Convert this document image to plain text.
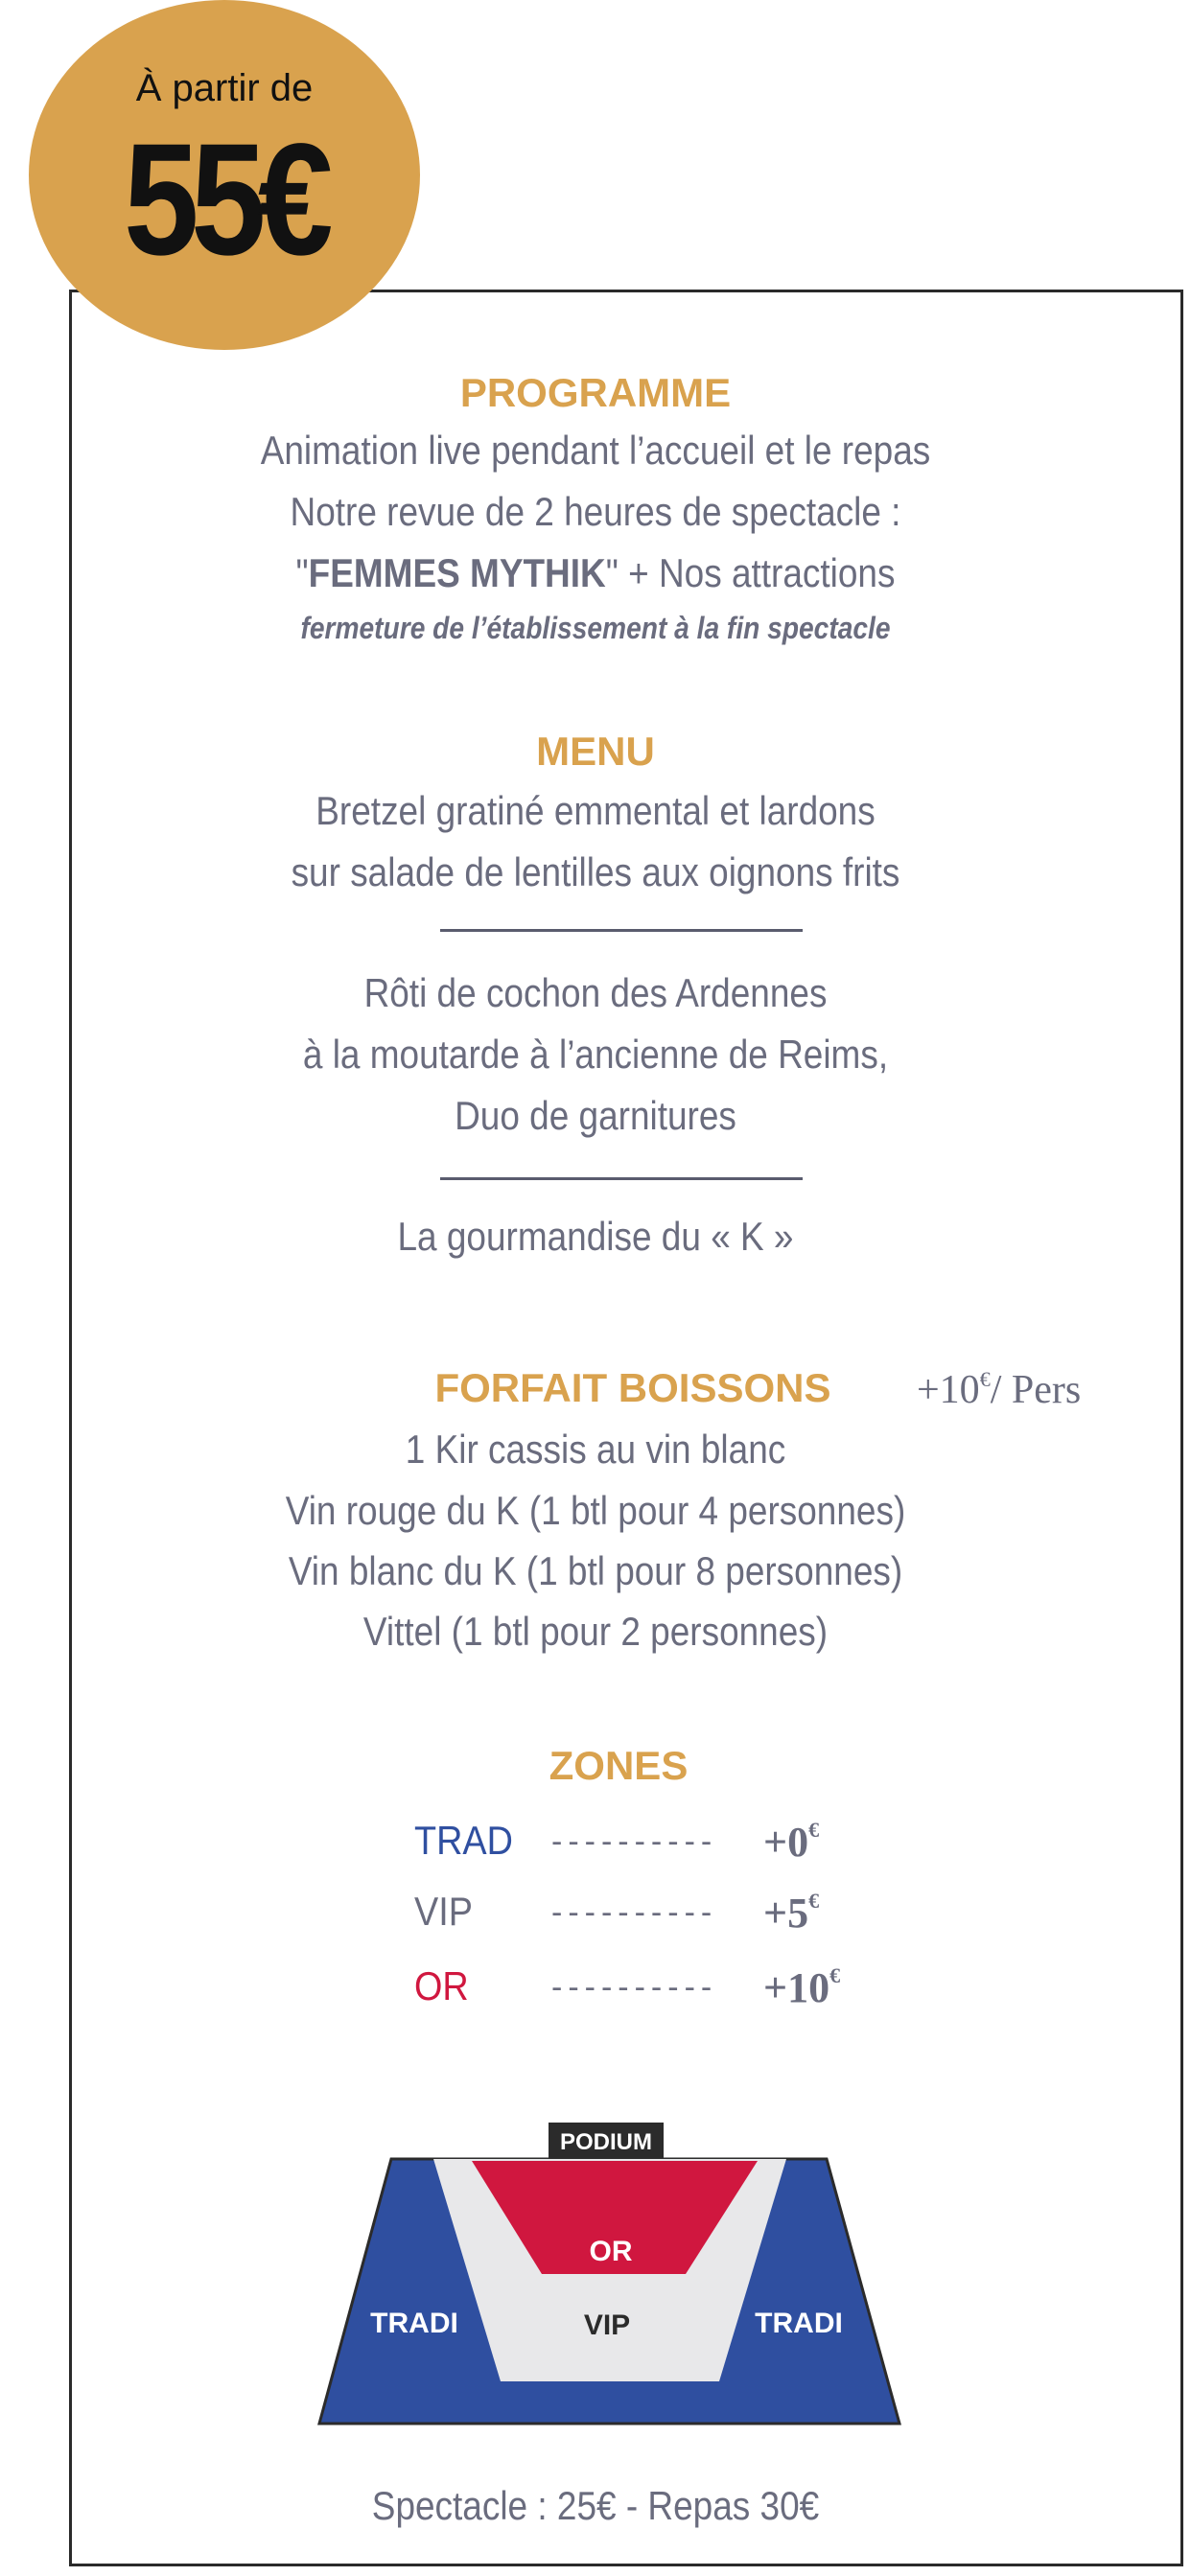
À partir de
55€
PROGRAMME
Animation live pendant l’accueil et le repas
Notre revue de 2 heures de spectacle :
"FEMMES MYTHIK" + Nos attractions
fermeture de l’établissement à la fin spectacle
MENU
Bretzel gratiné emmental et lardons
sur salade de lentilles aux oignons frits
Rôti de cochon des Ardennes
à la moutarde à l’ancienne de Reims,
Duo de garnitures
La gourmandise du « K »
FORFAIT BOISSONS	+10€/ Pers
1 Kir cassis au vin blanc
Vin rouge du K (1 btl pour 4 personnes)
Vin blanc du K (1 btl pour 8 personnes)
Vittel (1 btl pour 2 personnes)
ZONES
TRAD ---------- +0€
VIP ---------- +5€
OR	---------- +10€
PODIUM
OR
VIP
TRADI	TRADI
Spectacle : 25€ - Repas 30€
